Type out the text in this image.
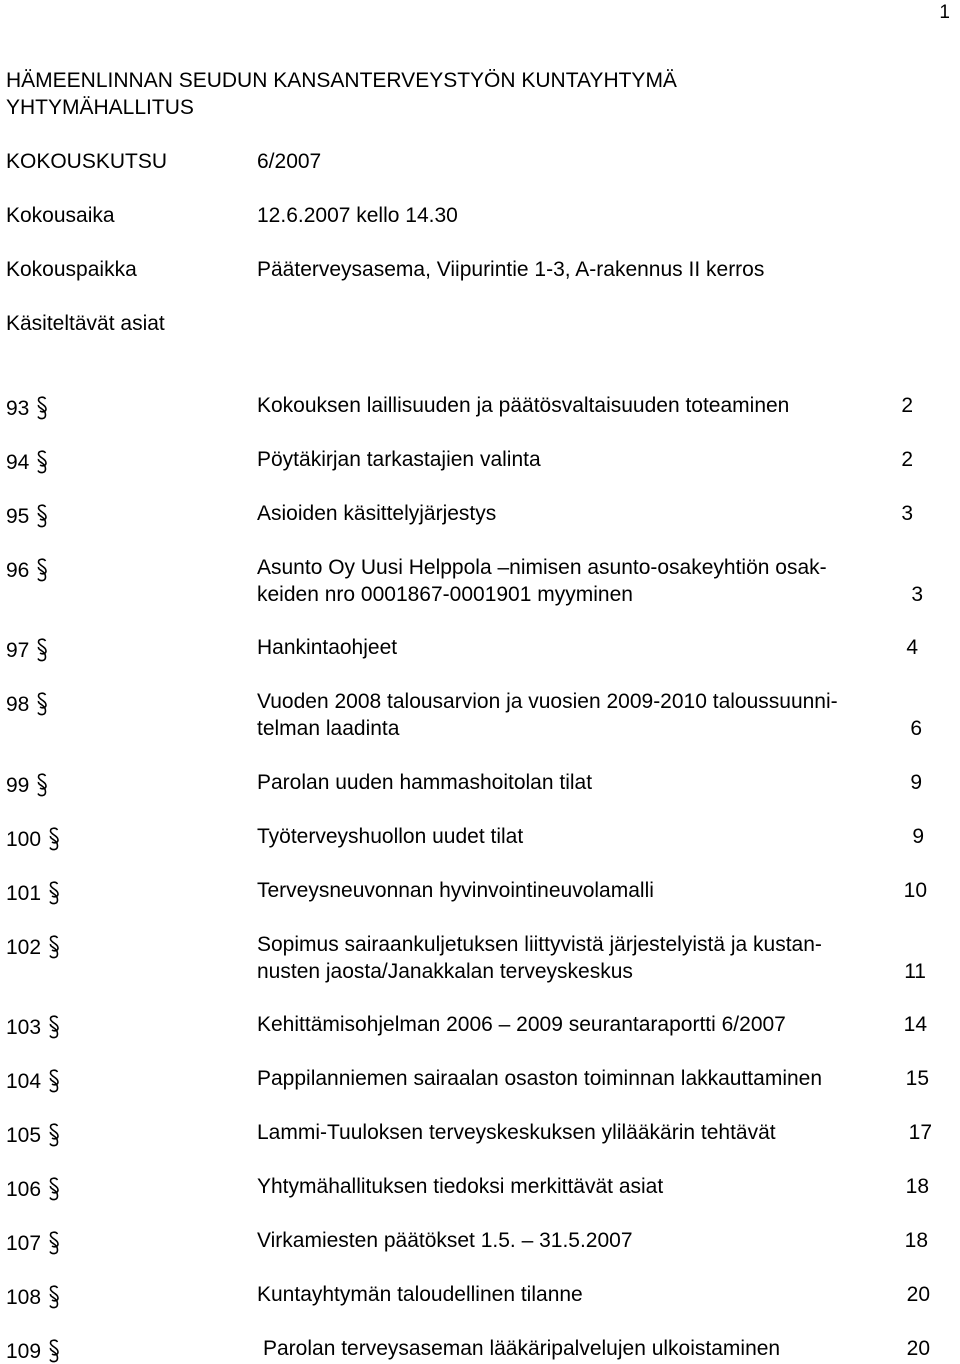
1
HÄMEENLINNAN SEUDUN KANSANTERVEYSTYÖN KUNTAYHTYMÄ
YHTYMÄHALLITUS
KOKOUSKUTSU	6/2007
Kokousaika	12.6.2007 kello 14.30
Kokouspaikka	Pääterveysasema, Viipurintie 1-3, A-rakennus II kerros
Käsiteltävät asiat
93	Kokouksen laillisuuden ja päätösvaltaisuuden toteaminen	2
94	Pöytäkirjan tarkastajien valinta	2
95	Asioiden käsittelyjärjestys	3
96	Asunto Oy Uusi Helppola –nimisen asunto-osakeyhtiön osak-
keiden nro 0001867-0001901 myyminen	3
97	Hankintaohjeet	4
98	Vuoden 2008 talousarvion ja vuosien 2009-2010 taloussuunni-
telman laadinta	6
99	Parolan uuden hammashoitolan tilat	9
100	Työterveyshuollon uudet tilat	9
101	Terveysneuvonnan hyvinvointineuvolamalli	10
102	Sopimus sairaankuljetuksen liittyvistä järjestelyistä ja kustan-
nusten jaosta/Janakkalan terveyskeskus	11
103	Kehittämisohjelman 2006 – 2009 seurantaraportti 6/2007	14
104	Pappilanniemen sairaalan osaston toiminnan lakkauttaminen	15
105	Lammi-Tuuloksen terveyskeskuksen ylilääkärin tehtävät	17
106	Yhtymähallituksen tiedoksi merkittävät asiat	18
107	Virkamiesten päätökset 1.5. – 31.5.2007	18
108	Kuntayhtymän taloudellinen tilanne	20
109	Parolan terveysaseman lääkäripalvelujen ulkoistaminen	20
